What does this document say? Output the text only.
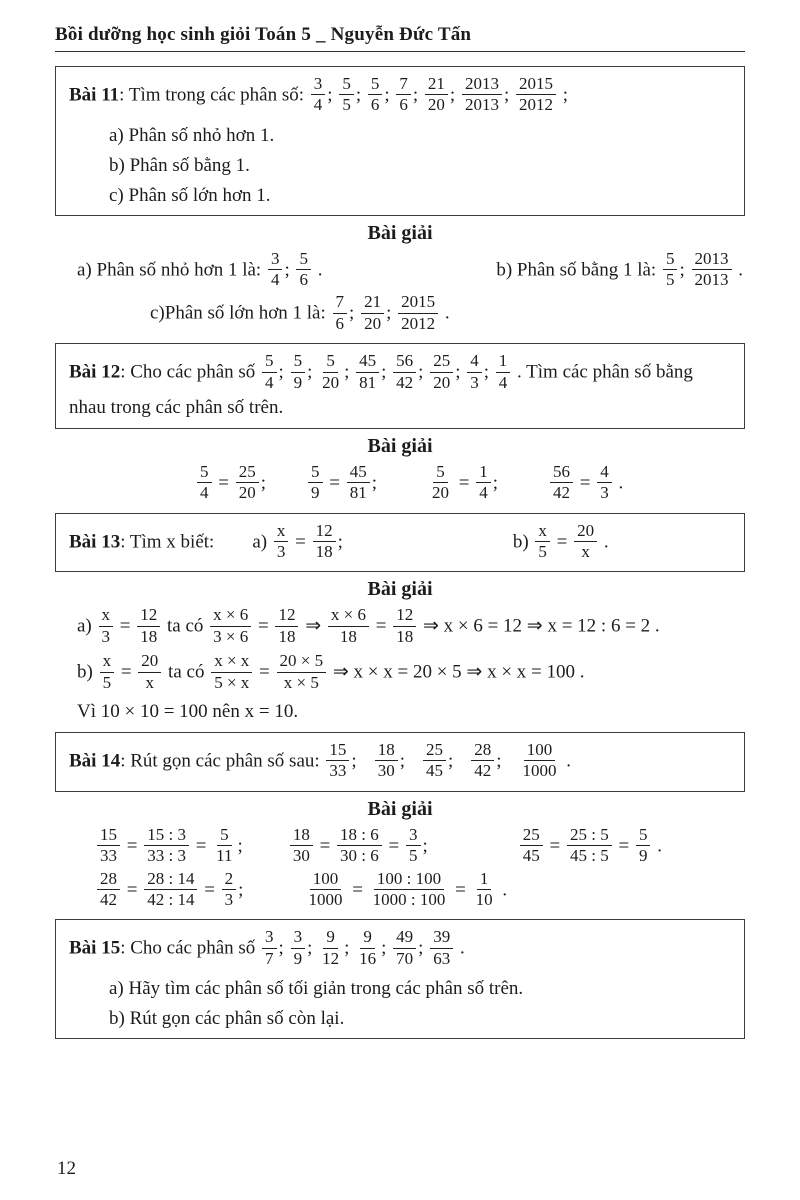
Bồi dưỡng học sinh giỏi Toán 5 _ Nguyễn Đức Tấn
Bài 11: Tìm trong các phân số: $\frac{3}{4}$ ; $\frac{5}{5}$ ; $\frac{5}{6}$ ; $\frac{7}{6}$ ; $\frac{21}{20}$ ; $\frac{2013}{2013}$ ; $\frac{2015}{2012}$ ;
a) Phân số nhỏ hơn 1.
b) Phân số bằng 1.
c) Phân số lớn hơn 1.
Bài giải
a) Phân số nhỏ hơn 1 là: $\frac{3}{4}$ ; $\frac{5}{6}$ .	b) Phân số bằng 1 là: $\frac{5}{5}$ ; $\frac{2013}{2013}$ .
c)Phân số lớn hơn 1 là: $\frac{7}{6}$ ; $\frac{21}{20}$ ; $\frac{2015}{2012}$ .
Bài 12: Cho các phân số $\frac{5}{4}$ ; $\frac{5}{9}$ ; $\frac{5}{20}$ ; $\frac{45}{81}$ ; $\frac{56}{42}$ ; $\frac{25}{20}$ ; $\frac{4}{3}$ ; $\frac{1}{4}$ . Tìm các phân số bằng nhau trong các phân số trên.
Bài giải
$\frac{5}{4} = \frac{25}{20}$ ; $\frac{5}{9} = \frac{45}{81}$ ;	$\frac{5}{20} = \frac{1}{4}$ ;	$\frac{56}{42} = \frac{4}{3}$ .
Bài 13: Tìm x biết: $a) \frac{x}{3} = \frac{12}{18}$ ;	$b) \frac{x}{5} = \frac{20}{x}$ .
Bài giải
$a) \frac{x}{3} = \frac{12}{18}$ ta có $\frac{x \times 6}{3 \times 6} = \frac{12}{18}$ ⇒ $\frac{x \times 6}{18} = \frac{12}{18}$ ⇒ x × 6 = 12 ⇒ x = 12 : 6 = 2 .
$b) \frac{x}{5} = \frac{20}{x}$ ta có $\frac{x \times x}{5 \times x} = \frac{20 \times 5}{x \times 5}$ ⇒ x × x = 20 × 5 ⇒ x × x = 100 .
Vì 10 × 10 = 100 nên x = 10.
Bài 14: Rút gọn các phân số sau: $\frac{15}{33}$ ; $\frac{18}{30}$ ; $\frac{25}{45}$ ; $\frac{28}{42}$ ; $\frac{100}{1000}$ .
Bài giải
$\frac{15}{33} = \frac{15 : 3}{33 : 3} = \frac{5}{11}$ ;	$\frac{18}{30} = \frac{18 : 6}{30 : 6} = \frac{3}{5}$ ;	$\frac{25}{45} = \frac{25 : 5}{45 : 5} = \frac{5}{9}$ .
$\frac{28}{42} = \frac{28 : 14}{42 : 14} = \frac{2}{3}$ ;	$\frac{100}{1000} = \frac{100 : 100}{1000 : 100} = \frac{1}{10}$ .
Bài 15: Cho các phân số $\frac{3}{7}$ ; $\frac{3}{9}$ ; $\frac{9}{12}$ ; $\frac{9}{16}$ ; $\frac{49}{70}$ ; $\frac{39}{63}$ .
a) Hãy tìm các phân số tối giản trong các phân số trên.
b) Rút gọn các phân số còn lại.
12
